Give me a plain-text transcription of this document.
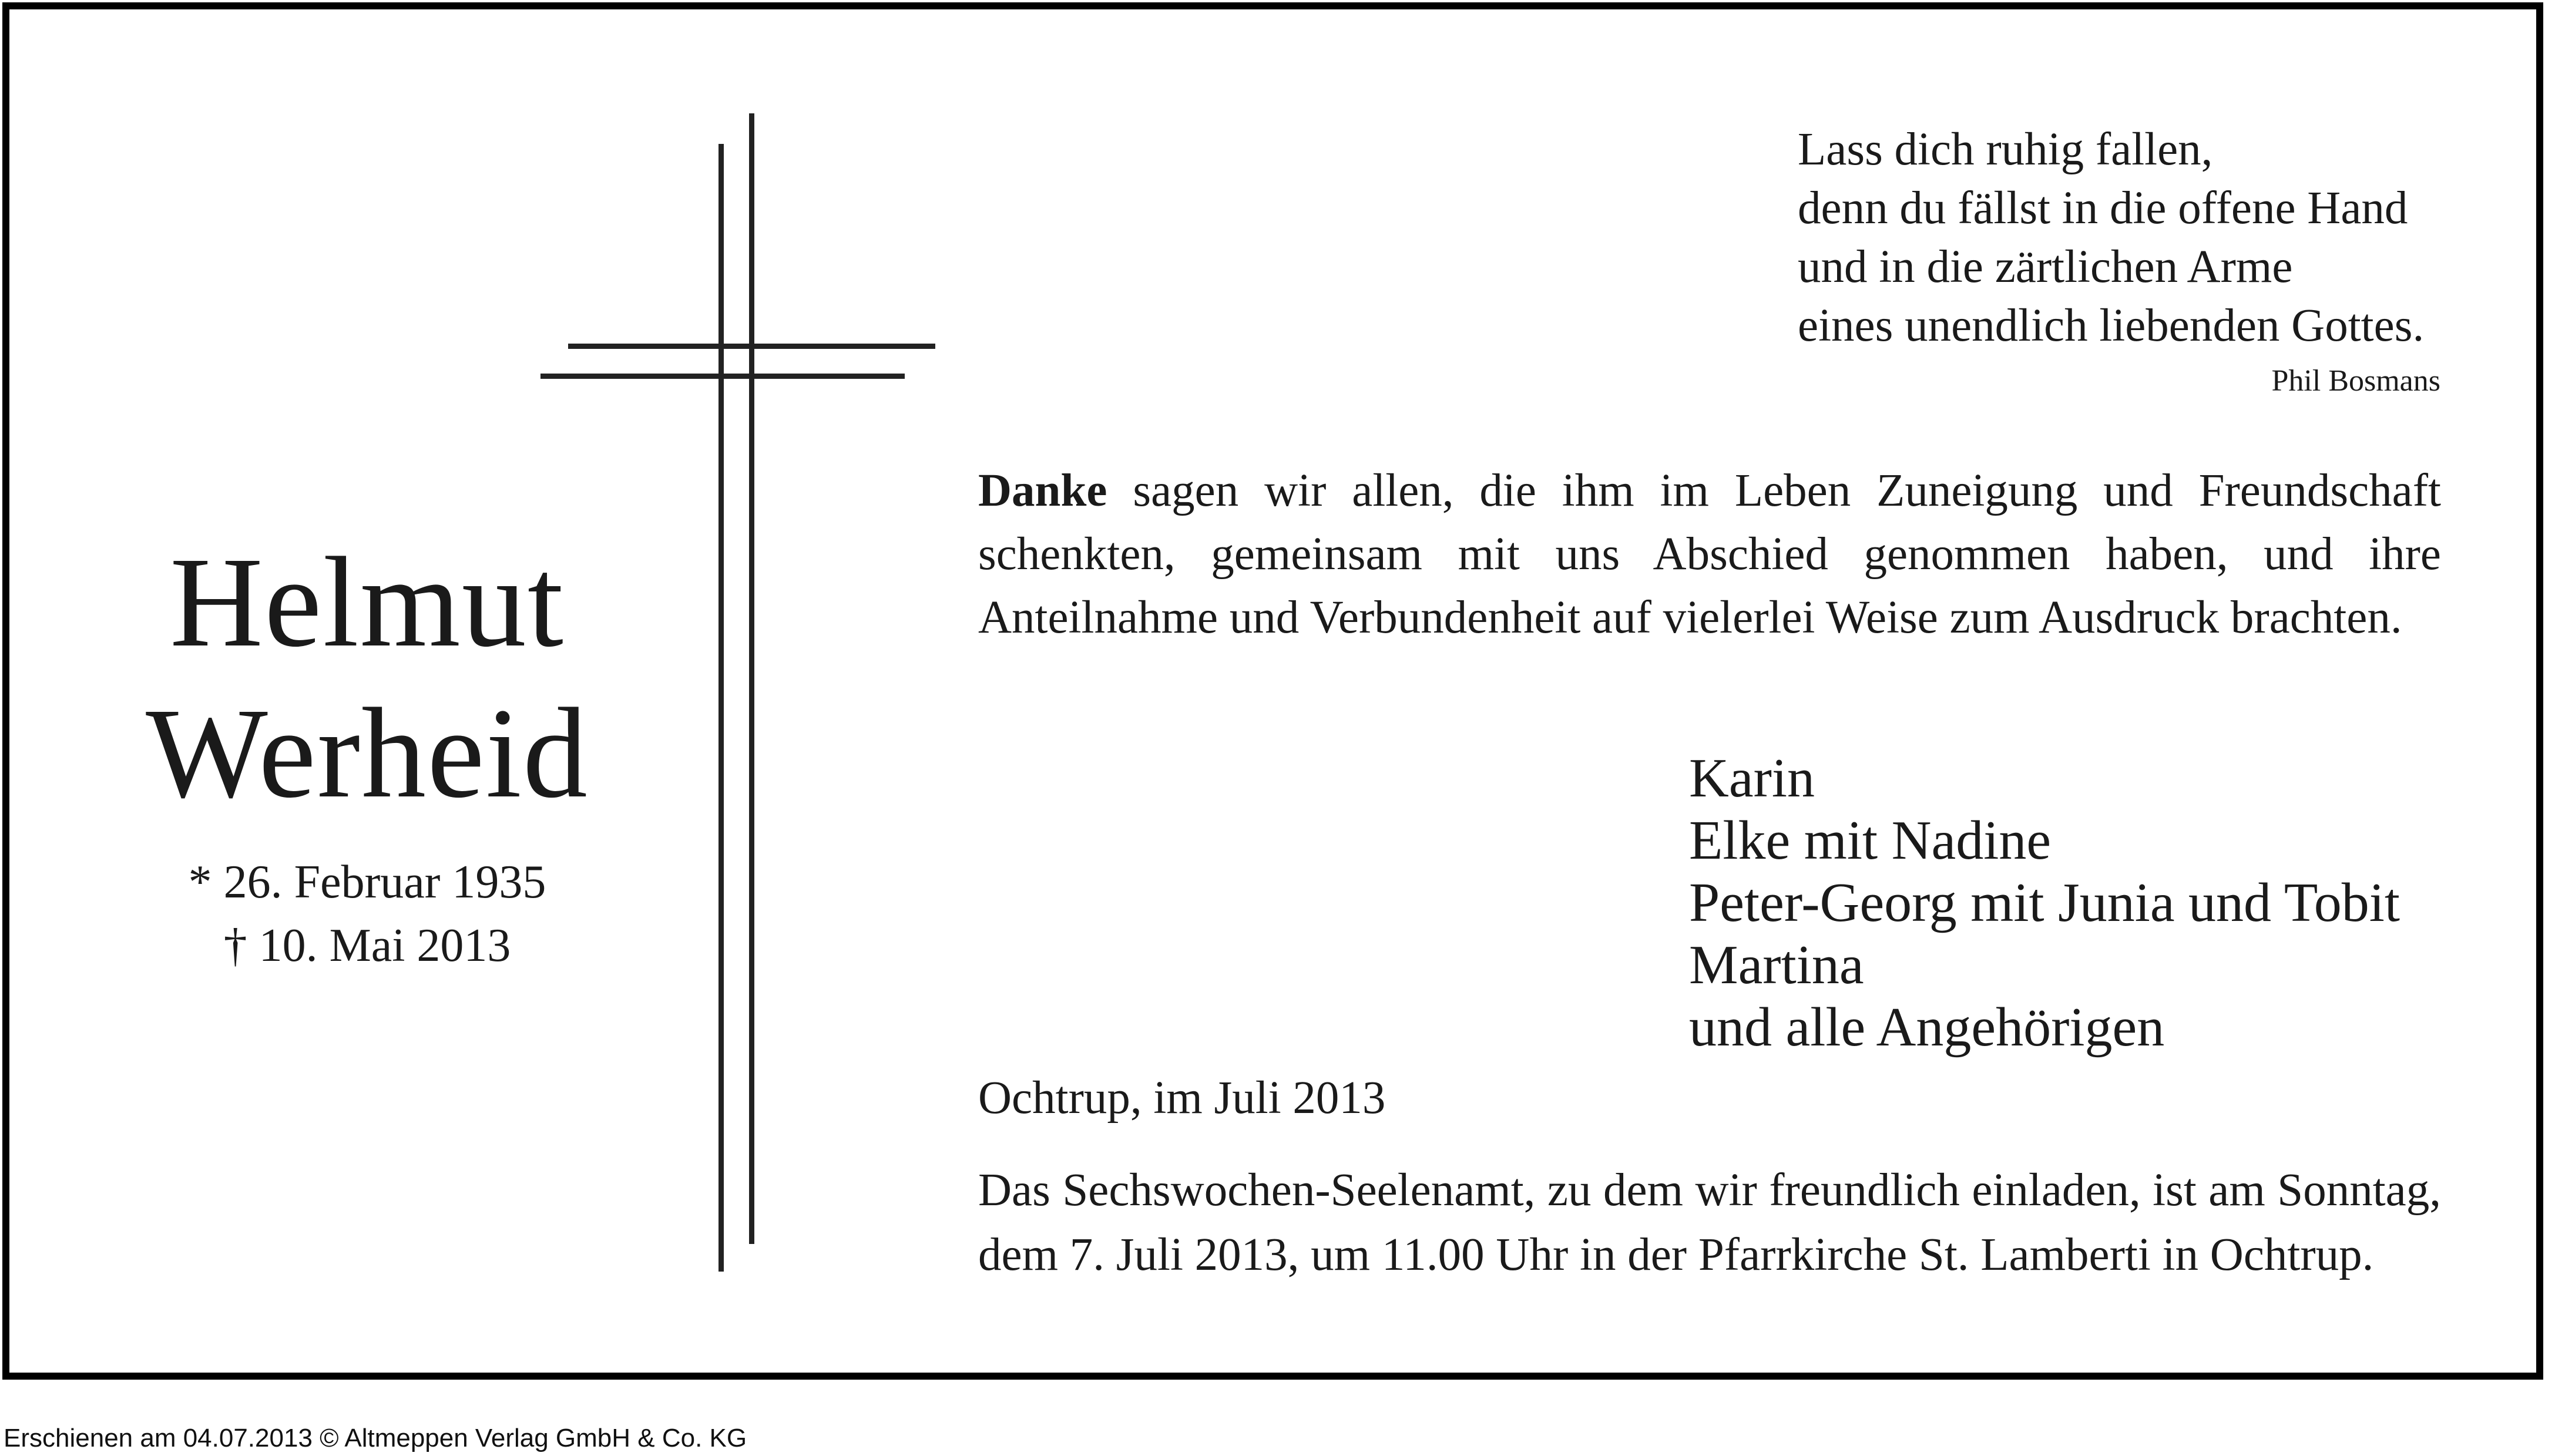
Lass dich ruhig fallen,
denn du fällst in die offene Hand
und in die zärtlichen Arme
eines unendlich liebenden Gottes.
Phil Bosmans
Helmut
Werheid
* 26. Februar 1935
† 10. Mai 2013
Danke sagen wir allen, die ihm im Leben Zuneigung und Freundschaft schenkten, gemeinsam mit uns Abschied genommen haben, und ihre Anteilnahme und Verbundenheit auf vielerlei Weise zum Ausdruck brachten.
Karin
Elke mit Nadine
Peter-Georg mit Junia und Tobit
Martina
und alle Angehörigen
Ochtrup, im Juli 2013
Das Sechswochen-Seelenamt, zu dem wir freundlich einladen, ist am Sonntag, dem 7. Juli 2013, um 11.00 Uhr in der Pfarrkirche St. Lamberti in Ochtrup.
Erschienen am 04.07.2013 © Altmeppen Verlag GmbH & Co. KG
